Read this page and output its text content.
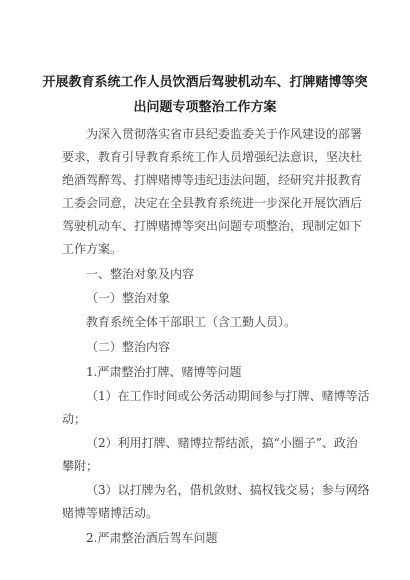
开展教育系统工作人员饮酒后驾驶机动车、打牌赌博等突
出问题专项整治工作方案
为深入贯彻落实省市县纪委监委关于作风建设的部署
要求，教育引导教育系统工作人员增强纪法意识，坚决杜
绝酒驾醉驾、打牌赌博等违纪违法问题，经研究并报教育
工委会同意，决定在全县教育系统进一步深化开展饮酒后
驾驶机动车、打牌赌博等突出问题专项整治，现制定如下
工作方案。
一、整治对象及内容
（一）整治对象
教育系统全体干部职工（含工勤人员）。
（二）整治内容
1.严肃整治打牌、赌博等问题
（1）在工作时间或公务活动期间参与打牌、赌博等活
动；
（2）利用打牌、赌博拉帮结派，搞“小圈子”、政治
攀附；
（3）以打牌为名，借机敛财、搞权钱交易；参与网络
赌博等赌博活动。
2.严肃整治酒后驾车问题
